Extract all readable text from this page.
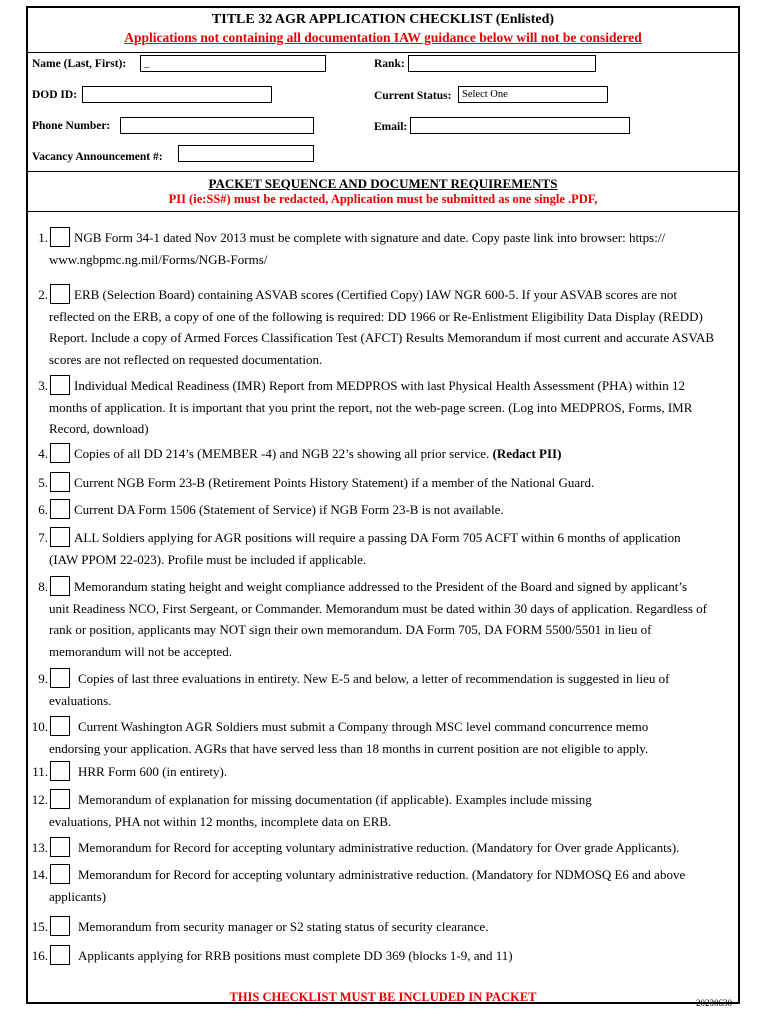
TITLE 32 AGR APPLICATION CHECKLIST (Enlisted)
Applications not containing all documentation IAW guidance below will not be considered
Name (Last, First):	_	Rank:
DOD ID:	Current Status:	Select One
Phone Number:	Email:
Vacancy Announcement #:
PACKET SEQUENCE AND DOCUMENT REQUIREMENTS
PII (ie:SS#) must be redacted, Application must be submitted as one single .PDF,
1. NGB Form 34-1 dated Nov 2013 must be complete with signature and date. Copy paste link into browser: https://
www.ngbpmc.ng.mil/Forms/NGB-Forms/
2. ERB (Selection Board) containing ASVAB scores (Certified Copy) IAW NGR 600-5. If your ASVAB scores are not
reflected on the ERB, a copy of one of the following is required: DD 1966 or Re-Enlistment Eligibility Data Display (REDD) Report. Include a copy of Armed Forces Classification Test (AFCT) Results Memorandum if most current and accurate ASVAB scores are not reflected on requested documentation.
3. Individual Medical Readiness (IMR) Report from MEDPROS with last Physical Health Assessment (PHA) within 12
months of application. It is important that you print the report, not the web-page screen. (Log into MEDPROS, Forms, IMR Record, download)
4. Copies of all DD 214’s (MEMBER -4) and NGB 22’s showing all prior service. (Redact PII)
5. Current NGB Form 23-B (Retirement Points History Statement) if a member of the National Guard.
6. Current DA Form 1506 (Statement of Service) if NGB Form 23-B is not available.
7. ALL Soldiers applying for AGR positions will require a passing DA Form 705 ACFT within 6 months of application
(IAW PPOM 22-023). Profile must be included if applicable.
8. Memorandum stating height and weight compliance addressed to the President of the Board and signed by applicant’s
unit Readiness NCO, First Sergeant, or Commander. Memorandum must be dated within 30 days of application. Regardless of rank or position, applicants may NOT sign their own memorandum. DA Form 705, DA FORM 5500/5501 in lieu of memorandum will not be accepted.
9. Copies of last three evaluations in entirety. New E-5 and below, a letter of recommendation is suggested in lieu of
evaluations.
10. Current Washington AGR Soldiers must submit a Company through MSC level command concurrence memo
endorsing your application. AGRs that have served less than 18 months in current position are not eligible to apply.
11. HRR Form 600 (in entirety).
12. Memorandum of explanation for missing documentation (if applicable). Examples include missing
evaluations, PHA not within 12 months, incomplete data on ERB.
13. Memorandum for Record for accepting voluntary administrative reduction. (Mandatory for Over grade Applicants).
14. Memorandum for Record for accepting voluntary administrative reduction. (Mandatory for NDMOSQ E6 and above
applicants)
15. Memorandum from security manager or S2 stating status of security clearance.
16. Applicants applying for RRB positions must complete DD 369 (blocks 1-9, and 11)
THIS CHECKLIST MUST BE INCLUDED IN PACKET	20230630
